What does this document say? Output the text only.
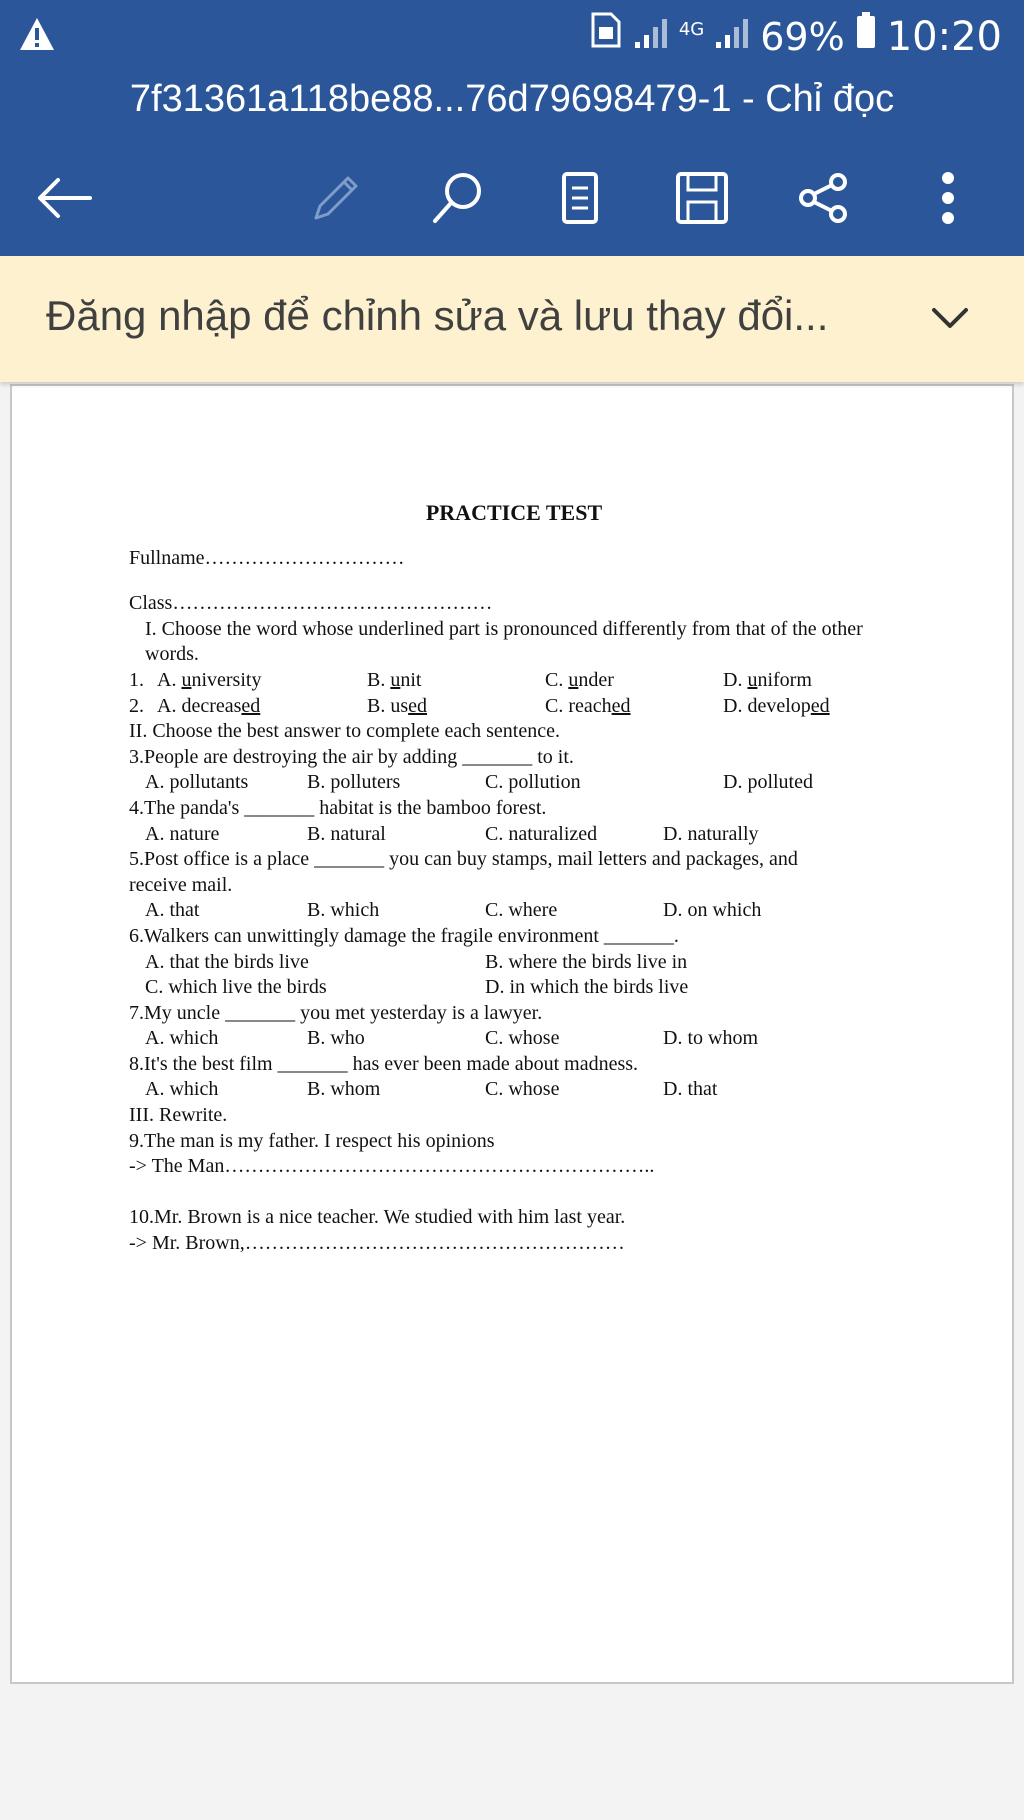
4G 69% 10:20
7f31361a118be88...76d79698479-1 - Chỉ đọc
Đăng nhập để chỉnh sửa và lưu thay đổi...
PRACTICE TEST
Fullname…………………………
Class…………………………………………
I. Choose the word whose underlined part is pronounced differently from that of the other words.
1. A. university	B. unit	C. under	D. uniform
2. A. decreased	B. used	C. reached	D. developed
II. Choose the best answer to complete each sentence.
3.People are destroying the air by adding _______ to it.
A. pollutants	B. polluters	C. pollution	D. polluted
4.The panda's _______ habitat is the bamboo forest.
A. nature	B. natural	C. naturalized	D. naturally
5.Post office is a place _______ you can buy stamps, mail letters and packages, and
receive mail.
A. that	B. which	C. where	D. on which
6.Walkers can unwittingly damage the fragile environment _______.
A. that the birds live	B. where the birds live in
C. which live the birds	D. in which the birds live
7.My uncle _______ you met yesterday is a lawyer.
A. which	B. who	C. whose	D. to whom
8.It's the best film _______ has ever been made about madness.
A. which	B. whom	C. whose	D. that
III. Rewrite.
9.The man is my father. I respect his opinions
-> The Man………………………………………………………..
10.Mr. Brown is a nice teacher. We studied with him last year.
-> Mr. Brown,…………………………………………………
